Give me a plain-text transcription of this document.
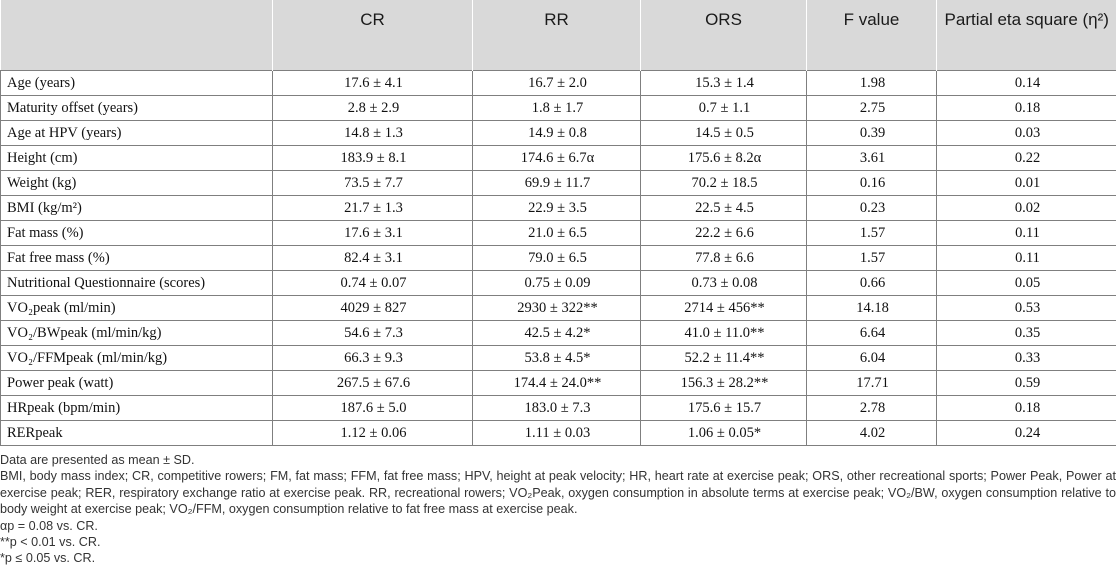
	CR	RR	ORS	F value	Partial eta square (η²)
Age (years)	17.6 ± 4.1	16.7 ± 2.0	15.3 ± 1.4	1.98	0.14
Maturity offset (years)	2.8 ± 2.9	1.8 ± 1.7	0.7 ± 1.1	2.75	0.18
Age at HPV (years)	14.8 ± 1.3	14.9 ± 0.8	14.5 ± 0.5	0.39	0.03
Height (cm)	183.9 ± 8.1	174.6 ± 6.7α	175.6 ± 8.2α	3.61	0.22
Weight (kg)	73.5 ± 7.7	69.9 ± 11.7	70.2 ± 18.5	0.16	0.01
BMI (kg/m²)	21.7 ± 1.3	22.9 ± 3.5	22.5 ± 4.5	0.23	0.02
Fat mass (%)	17.6 ± 3.1	21.0 ± 6.5	22.2 ± 6.6	1.57	0.11
Fat free mass (%)	82.4 ± 3.1	79.0 ± 6.5	77.8 ± 6.6	1.57	0.11
Nutritional Questionnaire (scores)	0.74 ± 0.07	0.75 ± 0.09	0.73 ± 0.08	0.66	0.05
VO₂peak (ml/min)	4029 ± 827	2930 ± 322**	2714 ± 456**	14.18	0.53
VO₂/BWpeak (ml/min/kg)	54.6 ± 7.3	42.5 ± 4.2*	41.0 ± 11.0**	6.64	0.35
VO₂/FFMpeak (ml/min/kg)	66.3 ± 9.3	53.8 ± 4.5*	52.2 ± 11.4**	6.04	0.33
Power peak (watt)	267.5 ± 67.6	174.4 ± 24.0**	156.3 ± 28.2**	17.71	0.59
HRpeak (bpm/min)	187.6 ± 5.0	183.0 ± 7.3	175.6 ± 15.7	2.78	0.18
RERpeak	1.12 ± 0.06	1.11 ± 0.03	1.06 ± 0.05*	4.02	0.24

Data are presented as mean ± SD.

BMI, body mass index; CR, competitive rowers; FM, fat mass; FFM, fat free mass; HPV, height at peak velocity; HR, heart rate at exercise peak; ORS, other recreational sports; Power Peak, Power at exercise peak; RER, respiratory exchange ratio at exercise peak. RR, recreational rowers; VO₂Peak, oxygen consumption in absolute terms at exercise peak; VO₂/BW, oxygen consumption relative to body weight at exercise peak; VO₂/FFM, oxygen consumption relative to fat free mass at exercise peak.

αp = 0.08 vs. CR.

**p < 0.01 vs. CR.

*p ≤ 0.05 vs. CR.
